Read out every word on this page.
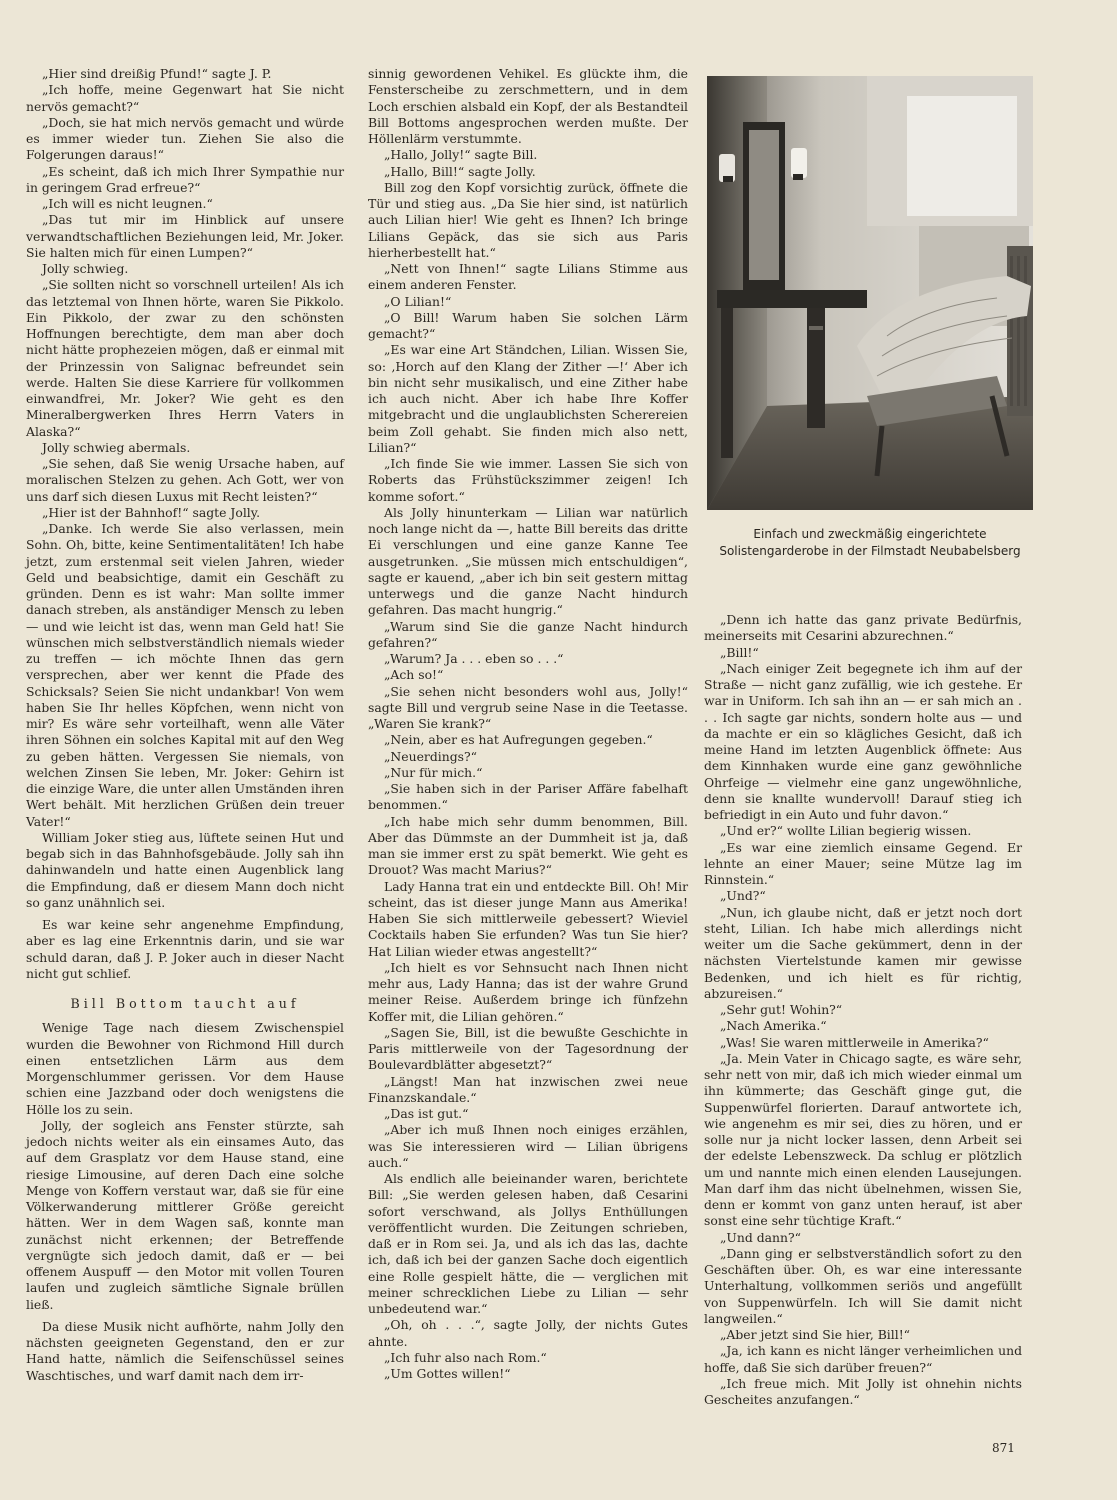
„Hier sind dreißig Pfund!“ sagte J. P.

„Ich hoffe, meine Gegenwart hat Sie nicht nervös gemacht?“

„Doch, sie hat mich nervös gemacht und würde es immer wieder tun. Ziehen Sie also die Folgerungen daraus!“

„Es scheint, daß ich mich Ihrer Sympathie nur in geringem Grad erfreue?“

„Ich will es nicht leugnen.“

„Das tut mir im Hinblick auf unsere verwandtschaftlichen Beziehungen leid, Mr. Joker. Sie halten mich für einen Lumpen?“

Jolly schwieg.

„Sie sollten nicht so vorschnell urteilen! Als ich das letztemal von Ihnen hörte, waren Sie Pikkolo. Ein Pikkolo, der zwar zu den schönsten Hoffnungen berechtigte, dem man aber doch nicht hätte prophezeien mögen, daß er einmal mit der Prinzessin von Salignac befreundet sein werde. Halten Sie diese Karriere für vollkommen einwandfrei, Mr. Joker? Wie geht es den Mineralbergwerken Ihres Herrn Vaters in Alaska?“

Jolly schwieg abermals.

„Sie sehen, daß Sie wenig Ursache haben, auf moralischen Stelzen zu gehen. Ach Gott, wer von uns darf sich diesen Luxus mit Recht leisten?“

„Hier ist der Bahnhof!“ sagte Jolly.

„Danke. Ich werde Sie also verlassen, mein Sohn. Oh, bitte, keine Sentimentalitäten! Ich habe jetzt, zum erstenmal seit vielen Jahren, wieder Geld und beabsichtige, damit ein Geschäft zu gründen. Denn es ist wahr: Man sollte immer danach streben, als anständiger Mensch zu leben — und wie leicht ist das, wenn man Geld hat! Sie wünschen mich selbstverständlich niemals wieder zu treffen — ich möchte Ihnen das gern versprechen, aber wer kennt die Pfade des Schicksals? Seien Sie nicht undankbar! Von wem haben Sie Ihr helles Köpfchen, wenn nicht von mir? Es wäre sehr vorteilhaft, wenn alle Väter ihren Söhnen ein solches Kapital mit auf den Weg zu geben hätten. Vergessen Sie niemals, von welchen Zinsen Sie leben, Mr. Joker: Gehirn ist die einzige Ware, die unter allen Umständen ihren Wert behält. Mit herzlichen Grüßen dein treuer Vater!“

William Joker stieg aus, lüftete seinen Hut und begab sich in das Bahnhofsgebäude. Jolly sah ihn dahinwandeln und hatte einen Augenblick lang die Empfindung, daß er diesem Mann doch nicht so ganz unähnlich sei.

Es war keine sehr angenehme Empfindung, aber es lag eine Erkenntnis darin, und sie war schuld daran, daß J. P. Joker auch in dieser Nacht nicht gut schlief.

Bill Bottom taucht auf

Wenige Tage nach diesem Zwischenspiel wurden die Bewohner von Richmond Hill durch einen entsetzlichen Lärm aus dem Morgenschlummer gerissen. Vor dem Hause schien eine Jazzband oder doch wenigstens die Hölle los zu sein.

Jolly, der sogleich ans Fenster stürzte, sah jedoch nichts weiter als ein einsames Auto, das auf dem Grasplatz vor dem Hause stand, eine riesige Limousine, auf deren Dach eine solche Menge von Koffern verstaut war, daß sie für eine Völkerwanderung mittlerer Größe gereicht hätten. Wer in dem Wagen saß, konnte man zunächst nicht erkennen; der Betreffende vergnügte sich jedoch damit, daß er — bei offenem Auspuff — den Motor mit vollen Touren laufen und zugleich sämtliche Signale brüllen ließ.

Da diese Musik nicht aufhörte, nahm Jolly den nächsten geeigneten Gegenstand, den er zur Hand hatte, nämlich die Seifenschüssel seines Waschtisches, und warf damit nach dem irr-

sinnig gewordenen Vehikel. Es glückte ihm, die Fensterscheibe zu zerschmettern, und in dem Loch erschien alsbald ein Kopf, der als Bestandteil Bill Bottoms angesprochen werden mußte. Der Höllenlärm verstummte.

„Hallo, Jolly!“ sagte Bill.

„Hallo, Bill!“ sagte Jolly.

Bill zog den Kopf vorsichtig zurück, öffnete die Tür und stieg aus. „Da Sie hier sind, ist natürlich auch Lilian hier! Wie geht es Ihnen? Ich bringe Lilians Gepäck, das sie sich aus Paris hierherbestellt hat.“

„Nett von Ihnen!“ sagte Lilians Stimme aus einem anderen Fenster.

„O Lilian!“

„O Bill! Warum haben Sie solchen Lärm gemacht?“

„Es war eine Art Ständchen, Lilian. Wissen Sie, so: ‚Horch auf den Klang der Zither —!‘ Aber ich bin nicht sehr musikalisch, und eine Zither habe ich auch nicht. Aber ich habe Ihre Koffer mitgebracht und die unglaublichsten Scherereien beim Zoll gehabt. Sie finden mich also nett, Lilian?“

„Ich finde Sie wie immer. Lassen Sie sich von Roberts das Frühstückszimmer zeigen! Ich komme sofort.“

Als Jolly hinunterkam — Lilian war natürlich noch lange nicht da —, hatte Bill bereits das dritte Ei verschlungen und eine ganze Kanne Tee ausgetrunken. „Sie müssen mich entschuldigen“, sagte er kauend, „aber ich bin seit gestern mittag unterwegs und die ganze Nacht hindurch gefahren. Das macht hungrig.“

„Warum sind Sie die ganze Nacht hindurch gefahren?“

„Warum? Ja . . . eben so . . .“

„Ach so!“

„Sie sehen nicht besonders wohl aus, Jolly!“ sagte Bill und vergrub seine Nase in die Teetasse. „Waren Sie krank?“

„Nein, aber es hat Aufregungen gegeben.“

„Neuerdings?“

„Nur für mich.“

„Sie haben sich in der Pariser Affäre fabelhaft benommen.“

„Ich habe mich sehr dumm benommen, Bill. Aber das Dümmste an der Dummheit ist ja, daß man sie immer erst zu spät bemerkt. Wie geht es Drouot? Was macht Marius?“

Lady Hanna trat ein und entdeckte Bill. Oh! Mir scheint, das ist dieser junge Mann aus Amerika! Haben Sie sich mittlerweile gebessert? Wieviel Cocktails haben Sie erfunden? Was tun Sie hier? Hat Lilian wieder etwas angestellt?“

„Ich hielt es vor Sehnsucht nach Ihnen nicht mehr aus, Lady Hanna; das ist der wahre Grund meiner Reise. Außerdem bringe ich fünfzehn Koffer mit, die Lilian gehören.“

„Sagen Sie, Bill, ist die bewußte Geschichte in Paris mittlerweile von der Tagesordnung der Boulevardblätter abgesetzt?“

„Längst! Man hat inzwischen zwei neue Finanzskandale.“

„Das ist gut.“

„Aber ich muß Ihnen noch einiges erzählen, was Sie interessieren wird — Lilian übrigens auch.“

Als endlich alle beieinander waren, berichtete Bill: „Sie werden gelesen haben, daß Cesarini sofort verschwand, als Jollys Enthüllungen veröffentlicht wurden. Die Zeitungen schrieben, daß er in Rom sei. Ja, und als ich das las, dachte ich, daß ich bei der ganzen Sache doch eigentlich eine Rolle gespielt hätte, die — verglichen mit meiner schrecklichen Liebe zu Lilian — sehr unbedeutend war.“

„Oh, oh . . .“, sagte Jolly, der nichts Gutes ahnte.

„Ich fuhr also nach Rom.“

„Um Gottes willen!“

Einfach und zweckmäßig eingerichtete Solistengarderobe in der Filmstadt Neubabelsberg

„Denn ich hatte das ganz private Bedürfnis, meinerseits mit Cesarini abzurechnen.“

„Bill!“

„Nach einiger Zeit begegnete ich ihm auf der Straße — nicht ganz zufällig, wie ich gestehe. Er war in Uniform. Ich sah ihn an — er sah mich an . . . Ich sagte gar nichts, sondern holte aus — und da machte er ein so klägliches Gesicht, daß ich meine Hand im letzten Augenblick öffnete: Aus dem Kinnhaken wurde eine ganz gewöhnliche Ohrfeige — vielmehr eine ganz ungewöhnliche, denn sie knallte wundervoll! Darauf stieg ich befriedigt in ein Auto und fuhr davon.“

„Und er?“ wollte Lilian begierig wissen.

„Es war eine ziemlich einsame Gegend. Er lehnte an einer Mauer; seine Mütze lag im Rinnstein.“

„Und?“

„Nun, ich glaube nicht, daß er jetzt noch dort steht, Lilian. Ich habe mich allerdings nicht weiter um die Sache gekümmert, denn in der nächsten Viertelstunde kamen mir gewisse Bedenken, und ich hielt es für richtig, abzureisen.“

„Sehr gut! Wohin?“

„Nach Amerika.“

„Was! Sie waren mittlerweile in Amerika?“

„Ja. Mein Vater in Chicago sagte, es wäre sehr, sehr nett von mir, daß ich mich wieder einmal um ihn kümmerte; das Geschäft ginge gut, die Suppenwürfel florierten. Darauf antwortete ich, wie angenehm es mir sei, dies zu hören, und er solle nur ja nicht locker lassen, denn Arbeit sei der edelste Lebenszweck. Da schlug er plötzlich um und nannte mich einen elenden Lausejungen. Man darf ihm das nicht übelnehmen, wissen Sie, denn er kommt von ganz unten herauf, ist aber sonst eine sehr tüchtige Kraft.“

„Und dann?“

„Dann ging er selbstverständlich sofort zu den Geschäften über. Oh, es war eine interessante Unterhaltung, vollkommen seriös und angefüllt von Suppenwürfeln. Ich will Sie damit nicht langweilen.“

„Aber jetzt sind Sie hier, Bill!“

„Ja, ich kann es nicht länger verheimlichen und hoffe, daß Sie sich darüber freuen?“

„Ich freue mich. Mit Jolly ist ohnehin nichts Gescheites anzufangen.“

871
